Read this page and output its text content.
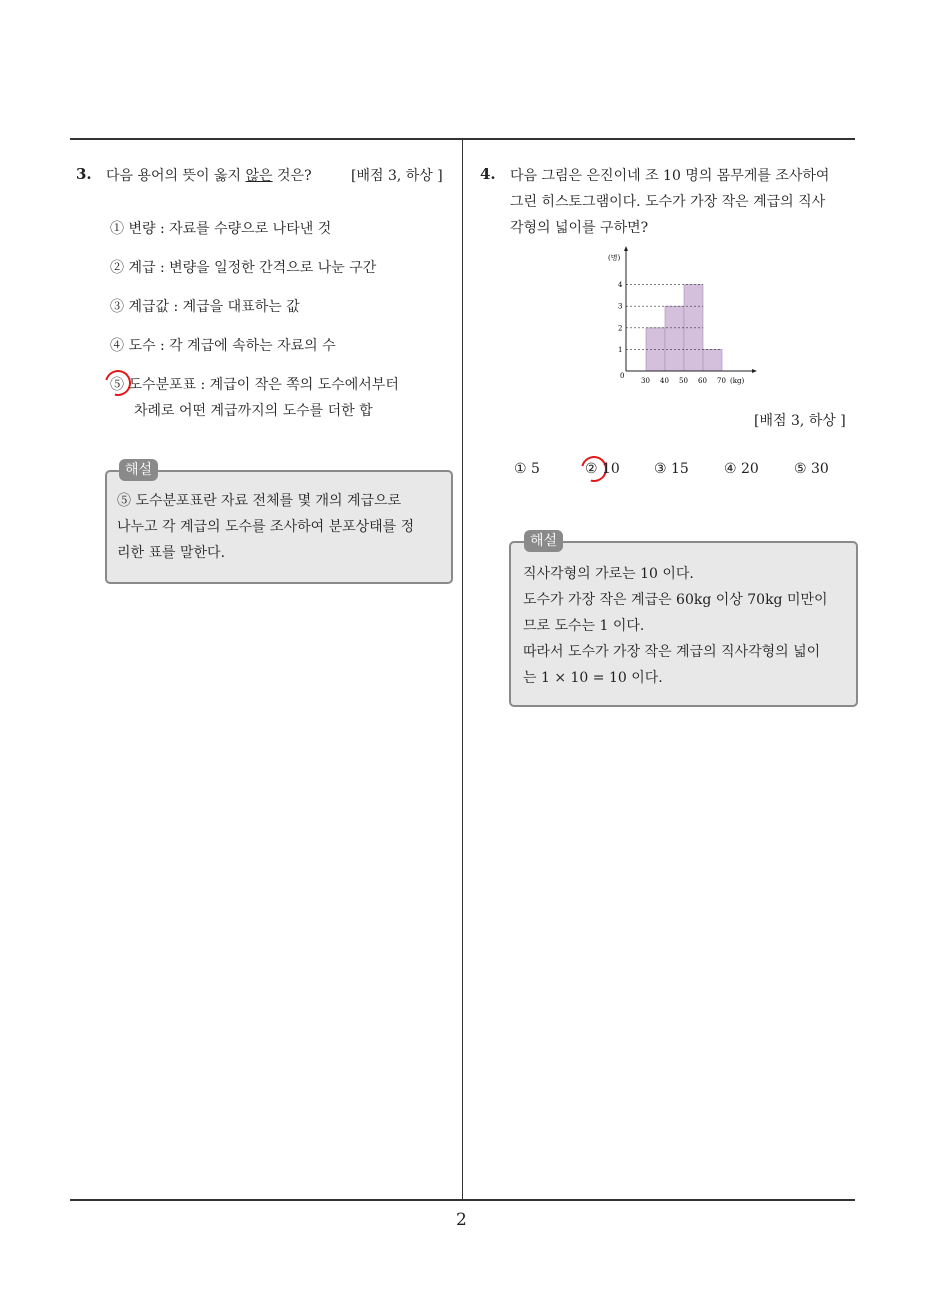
3. 다음 용어의 뜻이 옳지 않은 것은?	[배점 3, 하상 ]
① 변량 : 자료를 수량으로 나타낸 것
② 계급 : 변량을 일정한 간격으로 나눈 구간
③ 계급값 : 계급을 대표하는 값
④ 도수 : 각 계급에 속하는 자료의 수
⑤ 도수분포표 : 계급이 작은 쪽의 도수에서부터
차례로 어떤 계급까지의 도수를 더한 합
⑤ 도수분포표란 자료 전체를 몇 개의 계급으로
나누고 각 계급의 도수를 조사하여 분포상태를 정
리한 표를 말한다.
해설
4. 다음 그림은 은진이네 조 10 명의 몸무게를 조사하여
그린 히스토그램이다. 도수가 가장 작은 계급의 직사
각형의 넓이를 구하면?
(명)
0
1
2
3
4
30 40 50 60 70 (kg)
[배점 3, 하상 ]
① 5	② 10 ③ 15	④ 20	⑤ 30
직사각형의 가로는 10 이다.
도수가 가장 작은 계급은 60kg 이상 70kg 미만이
므로 도수는 1 이다.
따라서 도수가 가장 작은 계급의 직사각형의 넓이
는 1 × 10 = 10 이다.
해설
2
